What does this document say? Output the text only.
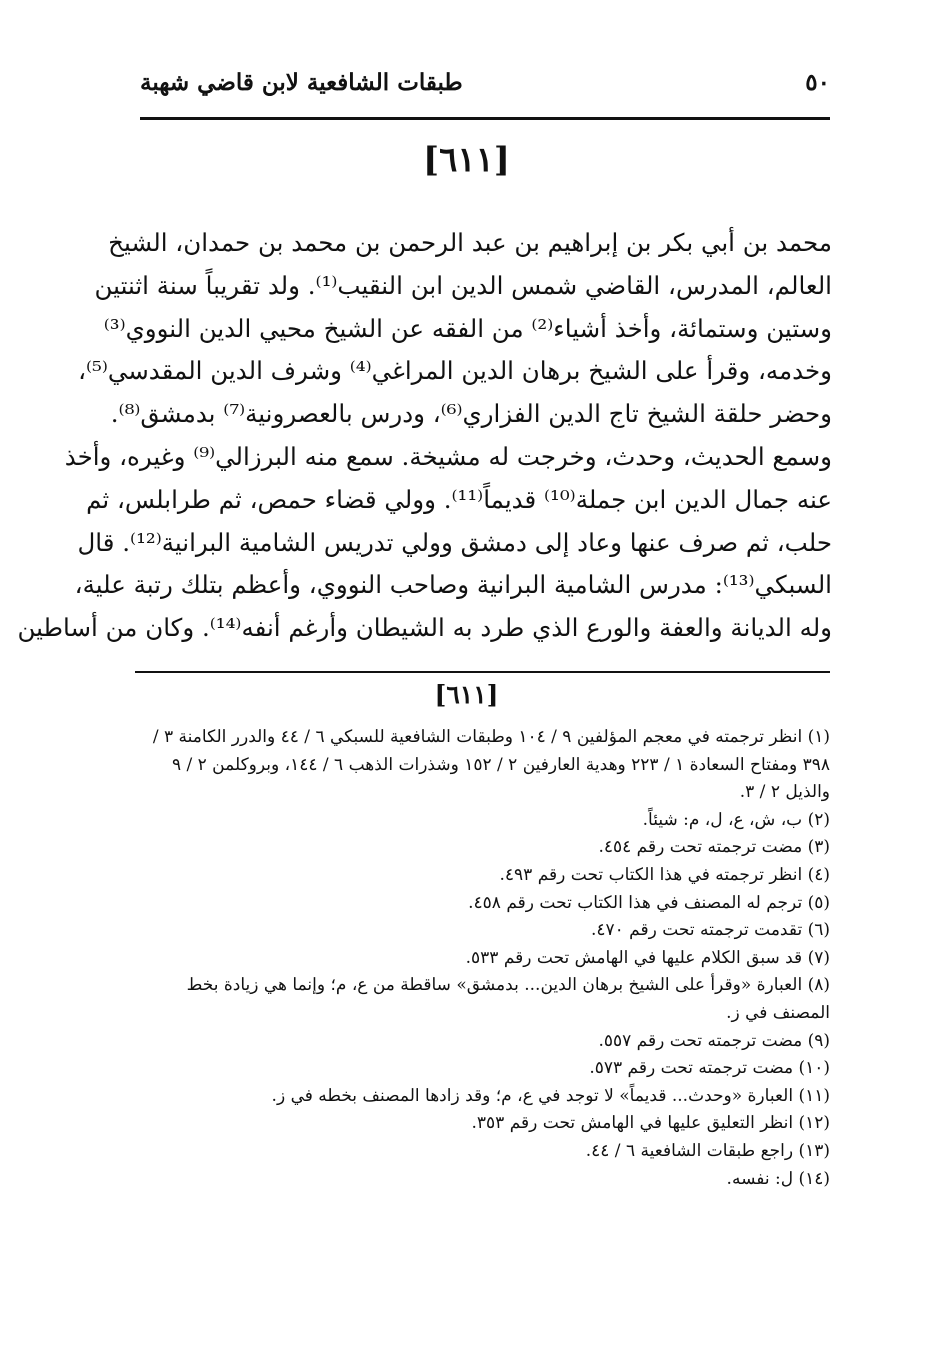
٥٠
طبقات الشافعية لابن قاضي شهبة
[٦١١]
محمد بن أبي بكر بن إبراهيم بن عبد الرحمن بن محمد بن حمدان، الشيخ
العالم، المدرس، القاضي شمس الدين ابن النقيب⁽¹⁾. ولد تقريباً سنة اثنتين
وستين وستمائة، وأخذ أشياء⁽²⁾ من الفقه عن الشيخ محيي الدين النووي⁽³⁾
وخدمه، وقرأ على الشيخ برهان الدين المراغي⁽⁴⁾ وشرف الدين المقدسي⁽⁵⁾،
وحضر حلقة الشيخ تاج الدين الفزاري⁽⁶⁾، ودرس بالعصرونية⁽⁷⁾ بدمشق⁽⁸⁾.
وسمع الحديث، وحدث، وخرجت له مشيخة. سمع منه البرزالي⁽⁹⁾ وغيره، وأخذ
عنه جمال الدين ابن جملة⁽¹⁰⁾ قديماً⁽¹¹⁾. وولي قضاء حمص، ثم طرابلس، ثم
حلب، ثم صرف عنها وعاد إلى دمشق وولي تدريس الشامية البرانية⁽¹²⁾. قال
السبكي⁽¹³⁾: مدرس الشامية البرانية وصاحب النووي، وأعظم بتلك رتبة علية،
وله الديانة والعفة والورع الذي طرد به الشيطان وأرغم أنفه⁽¹⁴⁾. وكان من أساطين
[٦١١]
(١) انظر ترجمته في معجم المؤلفين ٩ / ١٠٤ وطبقات الشافعية للسبكي ٦ / ٤٤ والدرر الكامنة ٣ / ٣٩٨ ومفتاح السعادة ١ / ٢٢٣ وهدية العارفين ٢ / ١٥٢ وشذرات الذهب ٦ / ١٤٤، وبروكلمن ٢ / ٩ والذيل ٢ / ٣.
(٢) ب، ش، ع، ل، م: شيئاً.
(٣) مضت ترجمته تحت رقم ٤٥٤.
(٤) انظر ترجمته في هذا الكتاب تحت رقم ٤٩٣.
(٥) ترجم له المصنف في هذا الكتاب تحت رقم ٤٥٨.
(٦) تقدمت ترجمته تحت رقم ٤٧٠.
(٧) قد سبق الكلام عليها في الهامش تحت رقم ٥٣٣.
(٨) العبارة «وقرأ على الشيخ برهان الدين... بدمشق» ساقطة من ع، م؛ وإنما هي زيادة بخط المصنف في ز.
(٩) مضت ترجمته تحت رقم ٥٥٧.
(١٠) مضت ترجمته تحت رقم ٥٧٣.
(١١) العبارة «وحدث... قديماً» لا توجد في ع، م؛ وقد زادها المصنف بخطه في ز.
(١٢) انظر التعليق عليها في الهامش تحت رقم ٣٥٣.
(١٣) راجع طبقات الشافعية ٦ / ٤٤.
(١٤) ل: نفسه.
